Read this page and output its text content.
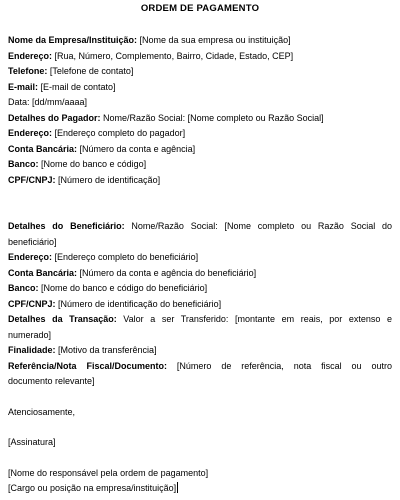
ORDEM DE PAGAMENTO
Nome da Empresa/Instituição: [Nome da sua empresa ou instituição]
Endereço: [Rua, Número, Complemento, Bairro, Cidade, Estado, CEP]
Telefone: [Telefone de contato]
E-mail: [E-mail de contato]
Data: [dd/mm/aaaa]
Detalhes do Pagador: Nome/Razão Social: [Nome completo ou Razão Social]
Endereço: [Endereço completo do pagador]
Conta Bancária: [Número da conta e agência]
Banco: [Nome do banco e código]
CPF/CNPJ: [Número de identificação]
Detalhes do Beneficiário: Nome/Razão Social: [Nome completo ou Razão Social do
beneficiário]
Endereço: [Endereço completo do beneficiário]
Conta Bancária: [Número da conta e agência do beneficiário]
Banco: [Nome do banco e código do beneficiário]
CPF/CNPJ: [Número de identificação do beneficiário]
Detalhes da Transação: Valor a ser Transferido: [montante em reais, por extenso e
numerado]
Finalidade: [Motivo da transferência]
Referência/Nota Fiscal/Documento: [Número de referência, nota fiscal ou outro
documento relevante]
Atenciosamente,
[Assinatura]
[Nome do responsável pela ordem de pagamento]
[Cargo ou posição na empresa/instituição]
